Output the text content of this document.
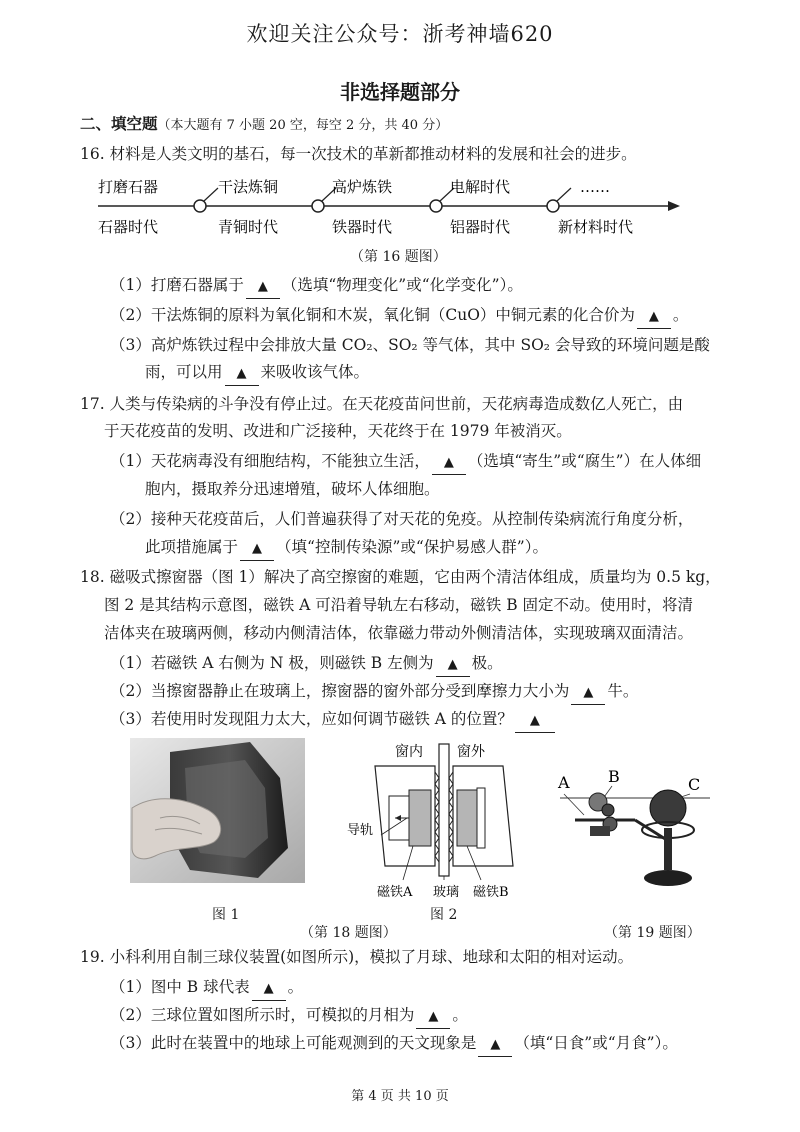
欢迎关注公众号：浙考神墙620
非选择题部分
二、填空题（本大题有 7 小题 20 空，每空 2 分，共 40 分）
16. 材料是人类文明的基石，每一次技术的革新都推动材料的发展和社会的进步。
打磨石器	干法炼铜	高炉炼铁	电解时代	……
石器时代	青铜时代	铁器时代	铝器时代	新材料时代
（第 16 题图）
（1）打磨石器属于 ▲ （选填“物理变化”或“化学变化”）。
（2）干法炼铜的原料为氧化铜和木炭，氧化铜（CuO）中铜元素的化合价为 ▲ 。
（3）高炉炼铁过程中会排放大量 CO₂、SO₂ 等气体，其中 SO₂ 会导致的环境问题是酸
雨，可以用 ▲ 来吸收该气体。
17. 人类与传染病的斗争没有停止过。在天花疫苗问世前，天花病毒造成数亿人死亡，由
于天花疫苗的发明、改进和广泛接种，天花终于在 1979 年被消灭。
（1）天花病毒没有细胞结构，不能独立生活， ▲ （选填“寄生”或“腐生”）在人体细
胞内，摄取养分迅速增殖，破坏人体细胞。
（2）接种天花疫苗后，人们普遍获得了对天花的免疫。从控制传染病流行角度分析，
此项措施属于 ▲ （填“控制传染源”或“保护易感人群”）。
18. 磁吸式擦窗器（图 1）解决了高空擦窗的难题，它由两个清洁体组成，质量均为 0.5 kg，
图 2 是其结构示意图，磁铁 A 可沿着导轨左右移动，磁铁 B 固定不动。使用时，将清
洁体夹在玻璃两侧，移动内侧清洁体，依靠磁力带动外侧清洁体，实现玻璃双面清洁。
（1）若磁铁 A 右侧为 N 极，则磁铁 B 左侧为 ▲ 极。
（2）当擦窗器静止在玻璃上，擦窗器的窗外部分受到摩擦力大小为 ▲ 牛。
（3）若使用时发现阻力太大，应如何调节磁铁 A 的位置？ ▲
图 1
窗内 窗外
导轨
磁铁A 玻璃 磁铁B
图 2
（第 18 题图）
A B	C
（第 19 题图）
19. 小科利用自制三球仪装置(如图所示)，模拟了月球、地球和太阳的相对运动。
（1）图中 B 球代表 ▲ 。
（2）三球位置如图所示时，可模拟的月相为 ▲ 。
（3）此时在装置中的地球上可能观测到的天文现象是 ▲ （填“日食”或“月食”）。
第 4 页 共 10 页
